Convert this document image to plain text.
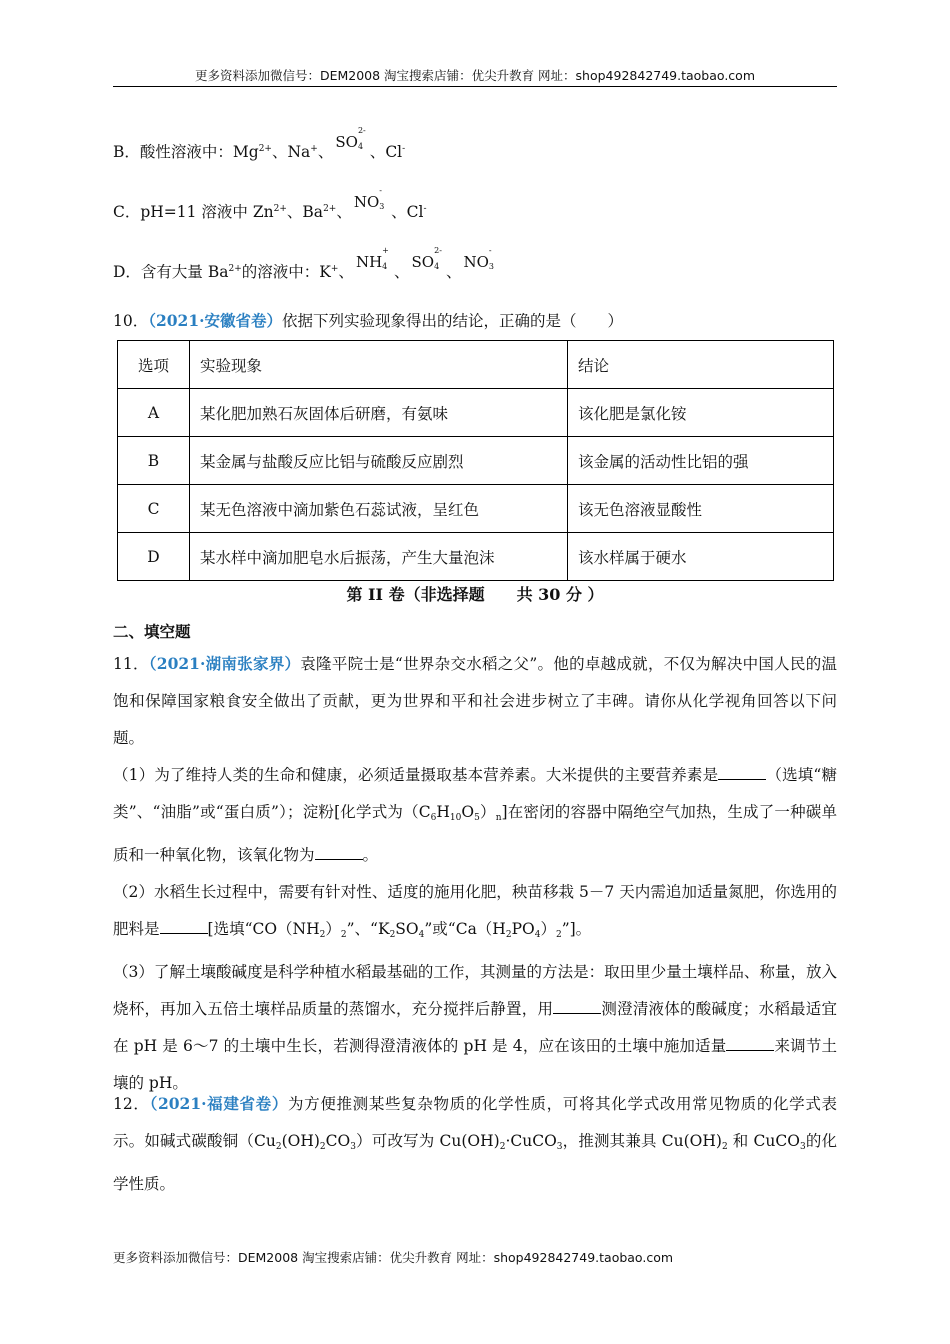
更多资料添加微信号：DEM2008 淘宝搜索店铺：优尖升教育 网址：shop492842749.taobao.com
B．酸性溶液中：$Mg^{2+}$、Na+、SO
2-
4 、Cl-
C．pH=11 溶液中 $Zn^{2+}$、$Ba^{2+}$、NO
-
3 、Cl-
D．含有大量 $Ba^{2+}$的溶液中：K+、NH
+
4 、SO
2-
4 、NO
-
3
10．（2021·安徽省卷）依据下列实验现象得出的结论，正确的是（　　）
选项	实验现象	结论
A	某化肥加熟石灰固体后研磨，有氨味	该化肥是氯化铵
B	某金属与盐酸反应比铝与硫酸反应剧烈	该金属的活动性比铝的强
C	某无色溶液中滴加紫色石蕊试液，呈红色	该无色溶液显酸性
D	某水样中滴加肥皂水后振荡，产生大量泡沫	该水样属于硬水
第 II 卷（非选择题　　共 30 分 ）
二、填空题
11．（2021·湖南张家界）袁隆平院士是“世界杂交水稻之父”。他的卓越成就，不仅为解决中国人民的温饱和保障国家粮食安全做出了贡献，更为世界和平和社会进步树立了丰碑。请你从化学视角回答以下问题。
（1）为了维持人类的生命和健康，必须适量摄取基本营养素。大米提供的主要营养素是	（选填“糖类”、“油脂”或“蛋白质”）；淀粉[化学式为$(C_6H_{10}O_5)_n$]在密闭的容器中隔绝空气加热，生成了一种碳单质和一种氧化物，该氧化物为	。
（2）水稻生长过程中，需要有针对性、适度的施用化肥，秧苗移栽 5－7 天内需追加适量氮肥，你选用的肥料是	[选填“$CO(NH_2)_2$”、“$K_2SO_4$”或“$Ca(H_2PO_4)_2$”]。
（3）了解土壤酸碱度是科学种植水稻最基础的工作，其测量的方法是：取田里少量土壤样品、称量，放入烧杯，再加入五倍土壤样品质量的蒸馏水，充分搅拌后静置，用	测澄清液体的酸碱度；水稻最适宜在 pH 是 6～7 的土壤中生长，若测得澄清液体的 pH 是 4，应在该田的土壤中施加适量	来调节土壤的 pH。
12．（2021·福建省卷）为方便推测某些复杂物质的化学性质，可将其化学式改用常见物质的化学式表示。如碱式碳酸铜$(Cu_2(OH)_2CO_3)$可改写为 $Cu(OH)_2\cdot CuCO_3$，推测其兼具 $Cu(OH)_2$ 和 CuCO$_3$的化学性质。
更多资料添加微信号：DEM2008 淘宝搜索店铺：优尖升教育 网址：shop492842749.taobao.com
